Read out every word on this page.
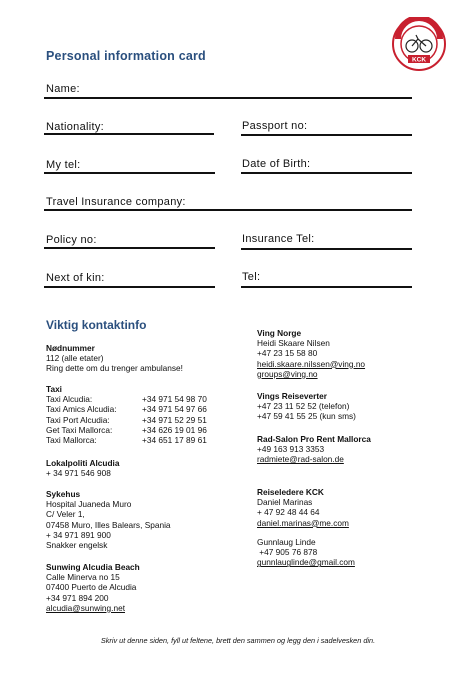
Personal information card	KCK
Name:
Nationality:	Passport no:
My tel:	Date of Birth:
Travel Insurance company:
Policy no:	Insurance Tel:
Next of kin:	Tel:
Viktig kontaktinfo
Nødnummer
112 (alle etater)
Ring dette om du trenger ambulanse!
Taxi
Taxi Alcudia:	+34 971 54 98 70
Taxi Amics Alcudia:	+34 971 54 97 66
Taxi Port Alcudia:	+34 971 52 29 51
Get Taxi Mallorca:	+34 626 19 01 96
Taxi Mallorca:	+34 651 17 89 61
Lokalpoliti Alcudia
+ 34 971 546 908
Sykehus
Hospital Juaneda Muro
C/ Veler 1,
07458 Muro, Illes Balears, Spania
+ 34 971 891 900
Snakker engelsk
Sunwing Alcudia Beach
Calle Minerva no 15
07400 Puerto de Alcudia
+34 971 894 200
alcudia@sunwing.net
Ving Norge
Heidi Skaare Nilsen
+47 23 15 58 80
heidi.skaare.nilssen@ving.no
groups@ving.no
Vings Reiseverter
+47 23 11 52 52 (telefon)
+47 59 41 55 25 (kun sms)
Rad-Salon Pro Rent Mallorca
+49 163 913 3353
radmiete@rad-salon.de
Reiseledere KCK
Daniel Marinas
+ 47 92 48 44 64
daniel.marinas@me.com
Gunnlaug Linde
+47 905 76 878
gunnlauglinde@gmail.com
Skriv ut denne siden, fyll ut feltene, brett den sammen og legg den i sadelvesken din.
